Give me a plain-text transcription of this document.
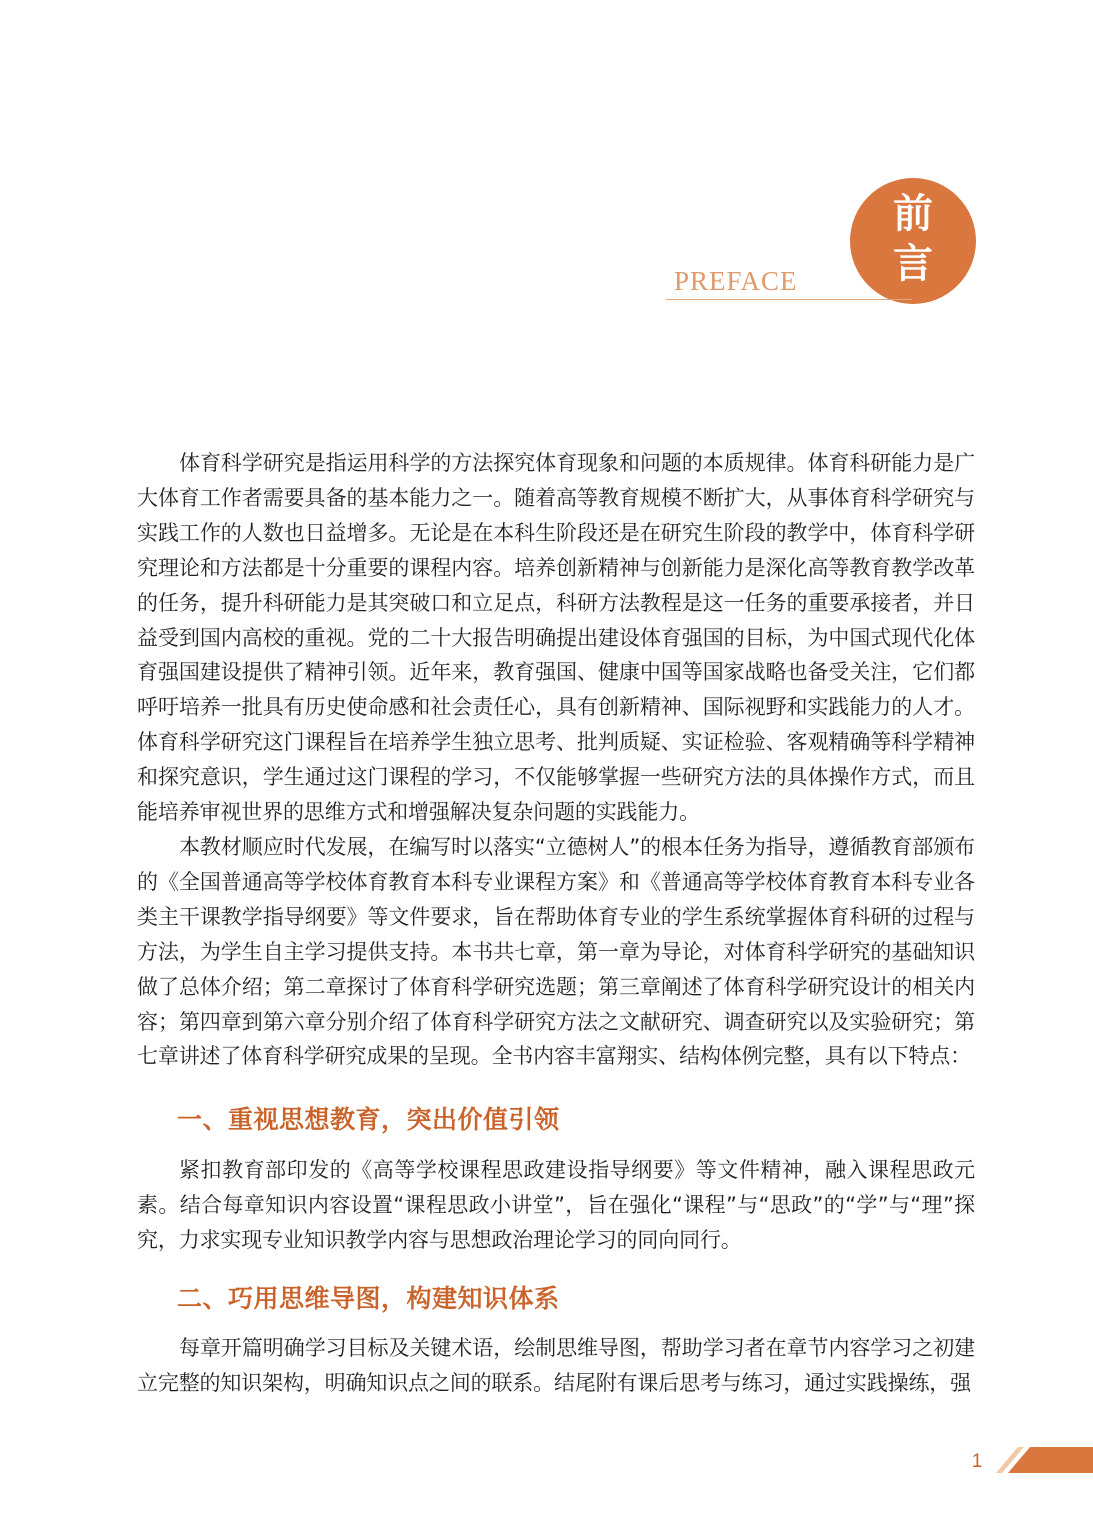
前
言
PREFACE

体育科学研究是指运用科学的方法探究体育现象和问题的本质规律。体育科研能力是广大体育工作者需要具备的基本能力之一。随着高等教育规模不断扩大，从事体育科学研究与实践工作的人数也日益增多。无论是在本科生阶段还是在研究生阶段的教学中，体育科学研究理论和方法都是十分重要的课程内容。培养创新精神与创新能力是深化高等教育教学改革的任务，提升科研能力是其突破口和立足点，科研方法教程是这一任务的重要承接者，并日益受到国内高校的重视。党的二十大报告明确提出建设体育强国的目标，为中国式现代化体育强国建设提供了精神引领。近年来，教育强国、健康中国等国家战略也备受关注，它们都呼吁培养一批具有历史使命感和社会责任心，具有创新精神、国际视野和实践能力的人才。体育科学研究这门课程旨在培养学生独立思考、批判质疑、实证检验、客观精确等科学精神和探究意识，学生通过这门课程的学习，不仅能够掌握一些研究方法的具体操作方式，而且能培养审视世界的思维方式和增强解决复杂问题的实践能力。

本教材顺应时代发展，在编写时以落实“立德树人”的根本任务为指导，遵循教育部颁布的《全国普通高等学校体育教育本科专业课程方案》和《普通高等学校体育教育本科专业各类主干课教学指导纲要》等文件要求，旨在帮助体育专业的学生系统掌握体育科研的过程与方法，为学生自主学习提供支持。本书共七章，第一章为导论，对体育科学研究的基础知识做了总体介绍；第二章探讨了体育科学研究选题；第三章阐述了体育科学研究设计的相关内容；第四章到第六章分别介绍了体育科学研究方法之文献研究、调查研究以及实验研究；第七章讲述了体育科学研究成果的呈现。全书内容丰富翔实、结构体例完整，具有以下特点：

一、重视思想教育，突出价值引领

紧扣教育部印发的《高等学校课程思政建设指导纲要》等文件精神，融入课程思政元素。结合每章知识内容设置“课程思政小讲堂”，旨在强化“课程”与“思政”的“学”与“理”探究，力求实现专业知识教学内容与思想政治理论学习的同向同行。

二、巧用思维导图，构建知识体系

每章开篇明确学习目标及关键术语，绘制思维导图，帮助学习者在章节内容学习之初建立完整的知识架构，明确知识点之间的联系。结尾附有课后思考与练习，通过实践操练，强

1
